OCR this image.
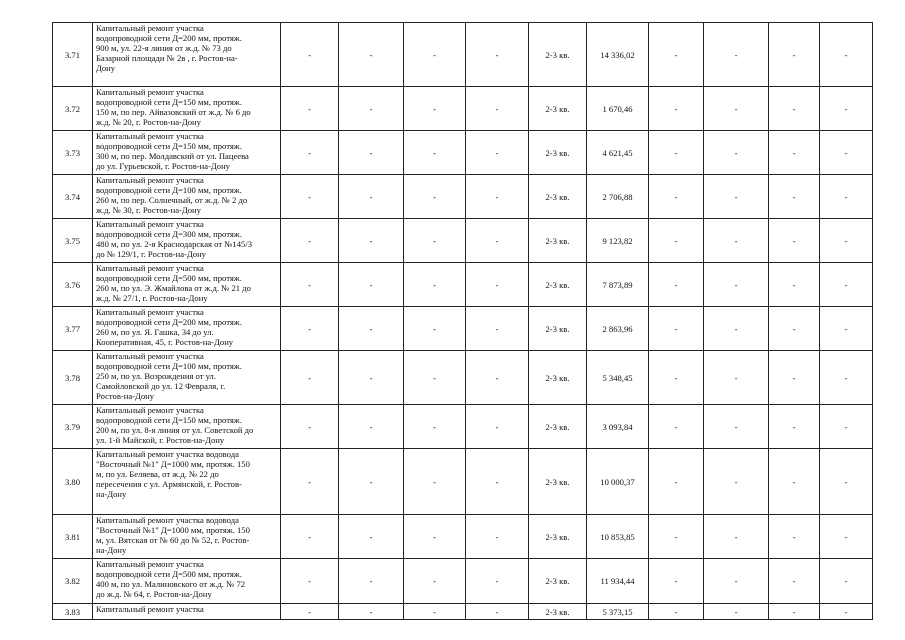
3.71	Капитальный ремонт участка
водопроводной сети Д=200 мм, протяж.
900 м, ул. 22-я линия от ж.д. № 73 до
Базарной площади № 2в , г. Ростов-на-
Дону	-	-	-	-	2-3 кв.	14 336,02	-	-	-	-
3.72	Капитальный ремонт участка
водопроводной сети Д=150 мм, протяж.
150 м, по пер. Айвазовский от ж.д. № 6 до
ж.д. № 20, г. Ростов-на-Дону	-	-	-	-	2-3 кв.	1 670,46	-	-	-	-
3.73	Капитальный ремонт участка
водопроводной сети Д=150 мм, протяж.
300 м, по пер. Молдавский от ул. Пацеева
до ул. Гурьевской, г. Ростов-на-Дону	-	-	-	-	2-3 кв.	4 621,45	-	-	-	-
3.74	Капитальный ремонт участка
водопроводной сети Д=100 мм, протяж.
260 м, по пер. Солнечный, от ж.д. № 2 до
ж.д. № 30, г. Ростов-на-Дону	-	-	-	-	2-3 кв.	2 706,88	-	-	-	-
3.75	Капитальный ремонт участка
водопроводной сети Д=300 мм, протяж.
480 м, по ул. 2-я Краснодарская от №145/3
до № 129/1, г. Ростов-на-Дону	-	-	-	-	2-3 кв.	9 123,82	-	-	-	-
3.76	Капитальный ремонт участка
водопроводной сети Д=500 мм, протяж.
260 м, по ул. Э. Жмайлова от ж.д. № 21 до
ж.д. № 27/1, г. Ростов-на-Дону	-	-	-	-	2-3 кв.	7 873,89	-	-	-	-
3.77	Капитальный ремонт участка
водопроводной сети Д=200 мм, протяж.
260 м, по ул. Я. Гашка, 34 до ул.
Кооперативная, 45, г. Ростов-на-Дону	-	-	-	-	2-3 кв.	2 863,96	-	-	-	-
3.78	Капитальный ремонт участка
водопроводной сети Д=100 мм, протяж.
250 м, по ул. Возрождения от ул.
Самойловской до ул. 12 Февраля, г.
Ростов-на-Дону	-	-	-	-	2-3 кв.	5 348,45	-	-	-	-
3.79	Капитальный ремонт участка
водопроводной сети Д=150 мм, протяж.
200 м, по ул. 8-я линия от ул. Советской до
ул. 1-й Майской, г. Ростов-на-Дону	-	-	-	-	2-3 кв.	3 093,84	-	-	-	-
3.80	Капитальный ремонт участка водовода
"Восточный №1" Д=1000 мм, протяж. 150
м, по ул. Беляева, от ж.д. № 22 до
пересечения с ул. Армянской, г. Ростов-
на-Дону	-	-	-	-	2-3 кв.	10 000,37	-	-	-	-
3.81	Капитальный ремонт участка водовода
"Восточный №1" Д=1000 мм, протяж. 150
м, ул. Вятская от № 60 до № 52, г. Ростов-
на-Дону	-	-	-	-	2-3 кв.	10 853,85	-	-	-	-
3.82	Капитальный ремонт участка
водопроводной сети Д=500 мм, протяж.
400 м, по ул. Малиновского от ж.д. № 72
до ж.д. № 64, г. Ростов-на-Дону	-	-	-	-	2-3 кв.	11 934,44	-	-	-	-
3.83	Капитальный ремонт участка	-	-	-	-	2-3 кв.	5 373,15	-	-	-	-
